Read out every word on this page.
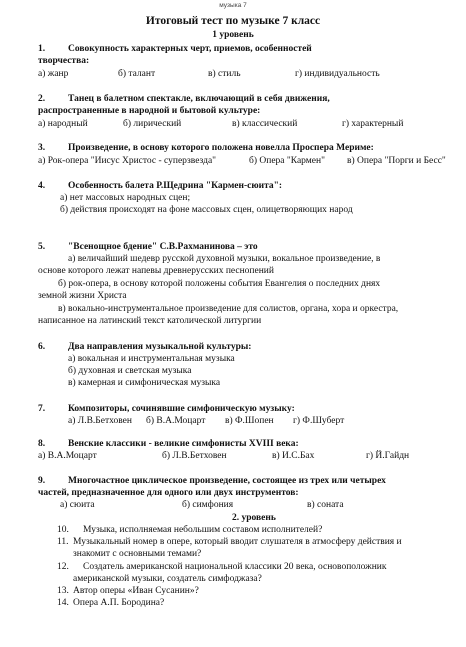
музыка 7
Итоговый тест по музыке 7 класс
1 уровень
1. Совокупность характерных черт, приемов, особенностей
творчества:
а) жанр	б) талант	в) стиль	г) индивидуальность
2. Танец в балетном спектакле, включающий в себя движения,
распространенные в народной и бытовой культуре:
а) народный	б) лирический	в) классический	г) характерный
3. Произведение, в основу которого положена новелла Проспера Мериме:
а) Рок-опера "Иисус Христос - суперзвезда"	б) Опера "Кармен" в) Опера "Порги и Бесс"
4. Особенность балета Р.Щедрина "Кармен-сюита":
а) нет массовых народных сцен;
б) действия происходят на фоне массовых сцен, олицетворяющих народ
5. "Всенощное бдение" С.В.Рахманинова – это
а) величайший шедевр русской духовной музыки, вокальное произведение, в
основе которого лежат напевы древнерусских песнопений
б) рок-опера, в основу которой положены события Евангелия о последних днях
земной жизни Христа
в) вокально-инструментальное произведение для солистов, органа, хора и оркестра,
написанное на латинский текст католической литургии
6. Два направления музыкальной культуры:
а) вокальная и инструментальная музыка
б) духовная и светская музыка
в) камерная и симфоническая музыка
7. Композиторы, сочинявшие симфоническую музыку:
а) Л.В.Бетховен б) В.А.Моцарт в) Ф.Шопен г) Ф.Шуберт
8. Венские классики - великие симфонисты XVIII века:
а) В.А.Моцарт	б) Л.В.Бетховен	в) И.С.Бах	г) Й.Гайдн
9. Многочастное циклическое произведение, состоящее из трех или четырех
частей, предназначенное для одного или двух инструментов:
а) сюита	б) симфония	в) соната
2. уровень
10. Музыка, исполняемая небольшим составом исполнителей?
11. Музыкальный номер в опере, который вводит слушателя в атмосферу действия и
знакомит с основными темами?
12. Создатель американской национальной классики 20 века, основоположник
американской музыки, создатель симфоджаза?
13. Автор оперы «Иван Сусанин»?
14. Опера А.П. Бородина?
